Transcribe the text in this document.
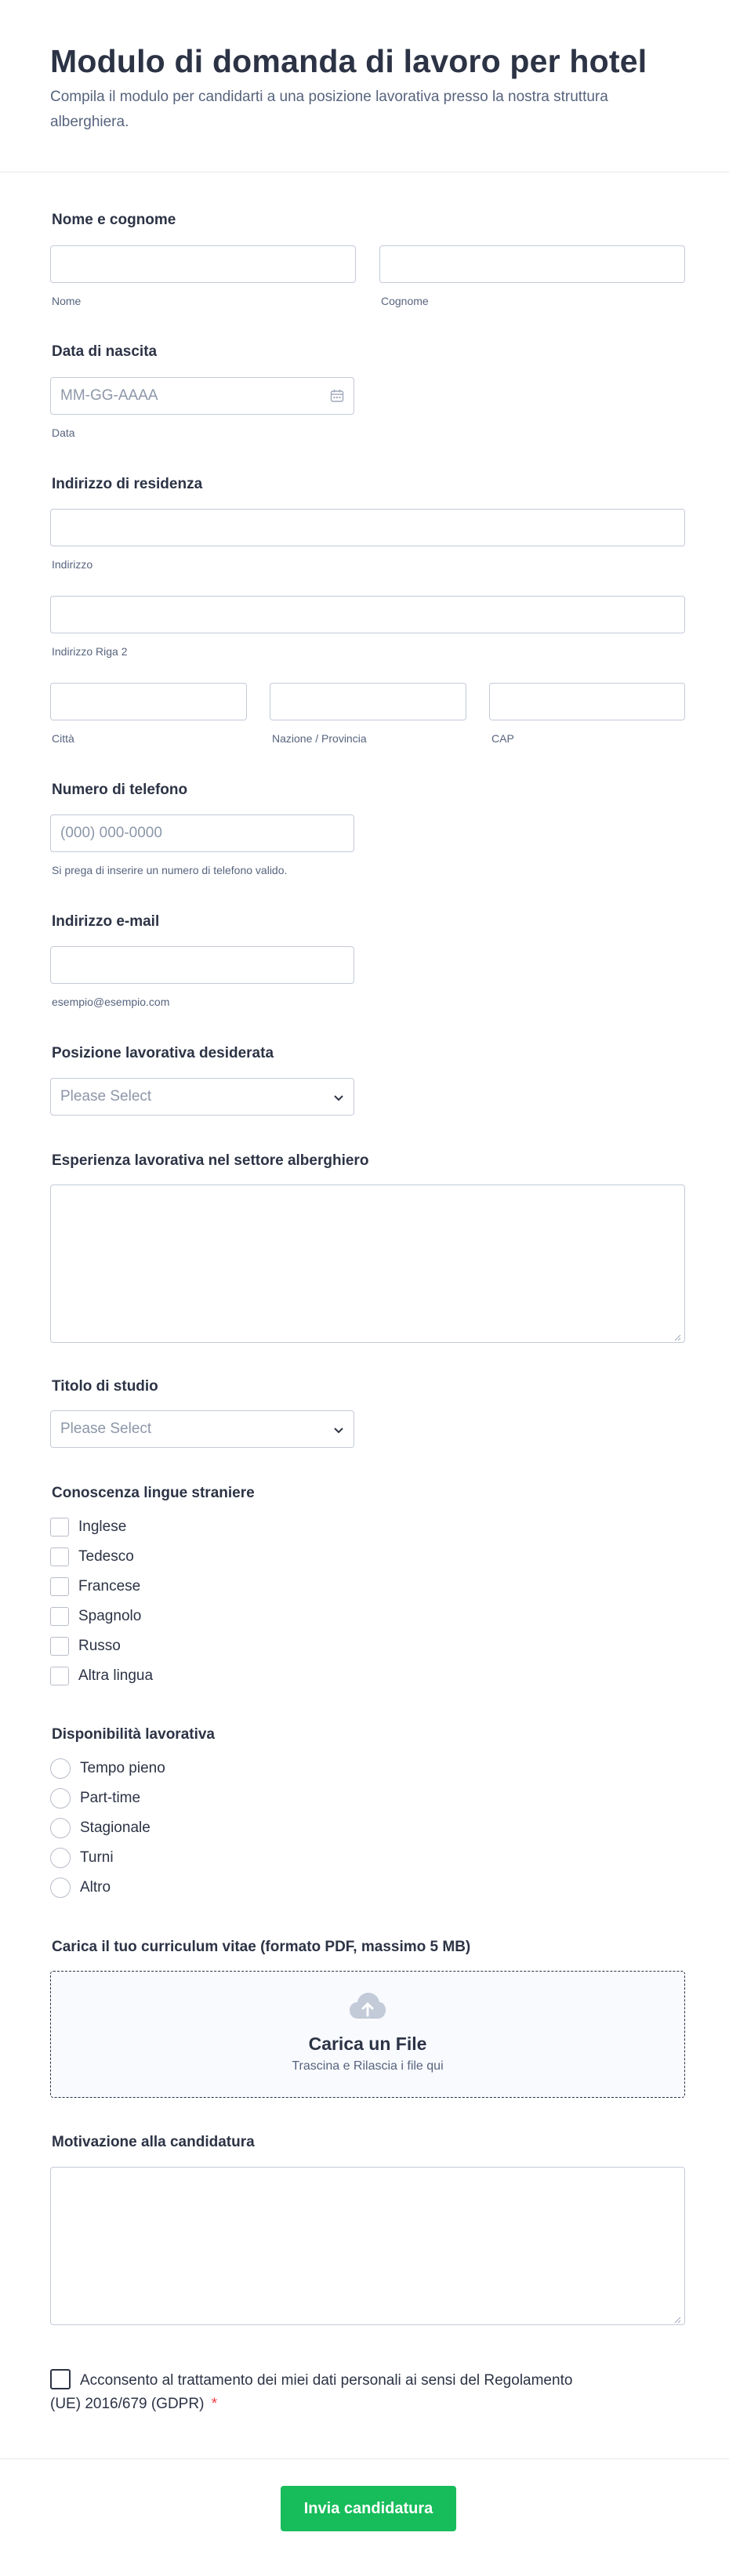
Modulo di domanda di lavoro per hotel

Compila il modulo per candidarti a una posizione lavorativa presso la nostra struttura alberghiera.

Nome e cognome
Nome	Cognome
Data di nascita
MM-GG-AAAA
Data
Indirizzo di residenza
Indirizzo
Indirizzo Riga 2
Città	Nazione / Provincia	CAP
Numero di telefono
(000) 000-0000
Si prega di inserire un numero di telefono valido.
Indirizzo e-mail
esempio@esempio.com
Posizione lavorativa desiderata
Please Select
Esperienza lavorativa nel settore alberghiero
Titolo di studio
Please Select
Conoscenza lingue straniere
Inglese
Tedesco
Francese
Spagnolo
Russo
Altra lingua
Disponibilità lavorativa
Tempo pieno
Part-time
Stagionale
Turni
Altro
Carica il tuo curriculum vitae (formato PDF, massimo 5 MB)
Carica un File
Trascina e Rilascia i file qui
Motivazione alla candidatura
Acconsento al trattamento dei miei dati personali ai sensi del Regolamento (UE) 2016/679 (GDPR) *
Invia candidatura
